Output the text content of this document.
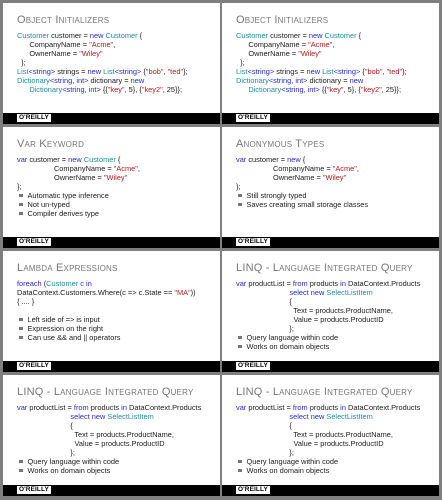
Object Initializers
Customer customer = new Customer {
CompanyName = "Acme",
OwnerName = "Wiley"
};
List<string> strings = new List<string> {"bob", "ted"};
Dictionary<string, int> dictionary = new
Dictionary<string, int> {{"key", 5}, {"key2", 25}};
O'REILLY
Object Initializers
Customer customer = new Customer {
CompanyName = "Acme",
OwnerName = "Wiley"
};
List<string> strings = new List<string> {"bob", "ted"};
Dictionary<string, int> dictionary = new
Dictionary<string, int> {{"key", 5}, {"key2", 25}};
O'REILLY
Var Keyword
var customer = new Customer {
CompanyName = "Acme",
OwnerName = "Wiley"
};
Automatic type inference
Not un-typed
Compiler derives type
O'REILLY
Anonymous Types
var customer = new {
CompanyName = "Acme",
OwnerName = "Wiley"
};
Still strongly typed
Saves creating small storage classes
O'REILLY
Lambda Expressions
foreach (Customer c in
DataContext.Customers.Where(c => c.State == "MA"))
{ .... }
Left side of => is input
Expression on the right
Can use && and || operators
O'REILLY
LINQ - Language Integrated Query
var productList = from products in DataContext.Products
select new SelectListItem
{
Text = products.ProductName,
Value = products.ProductID
};
Query language within code
Works on domain objects
O'REILLY
LINQ - Language Integrated Query
var productList = from products in DataContext.Products
select new SelectListItem
{
Text = products.ProductName,
Value = products.ProductID
};
Query language within code
Works on domain objects
O'REILLY
LINQ - Language Integrated Query
var productList = from products in DataContext.Products
select new SelectListItem
{
Text = products.ProductName,
Value = products.ProductID
};
Query language within code
Works on domain objects
O'REILLY
